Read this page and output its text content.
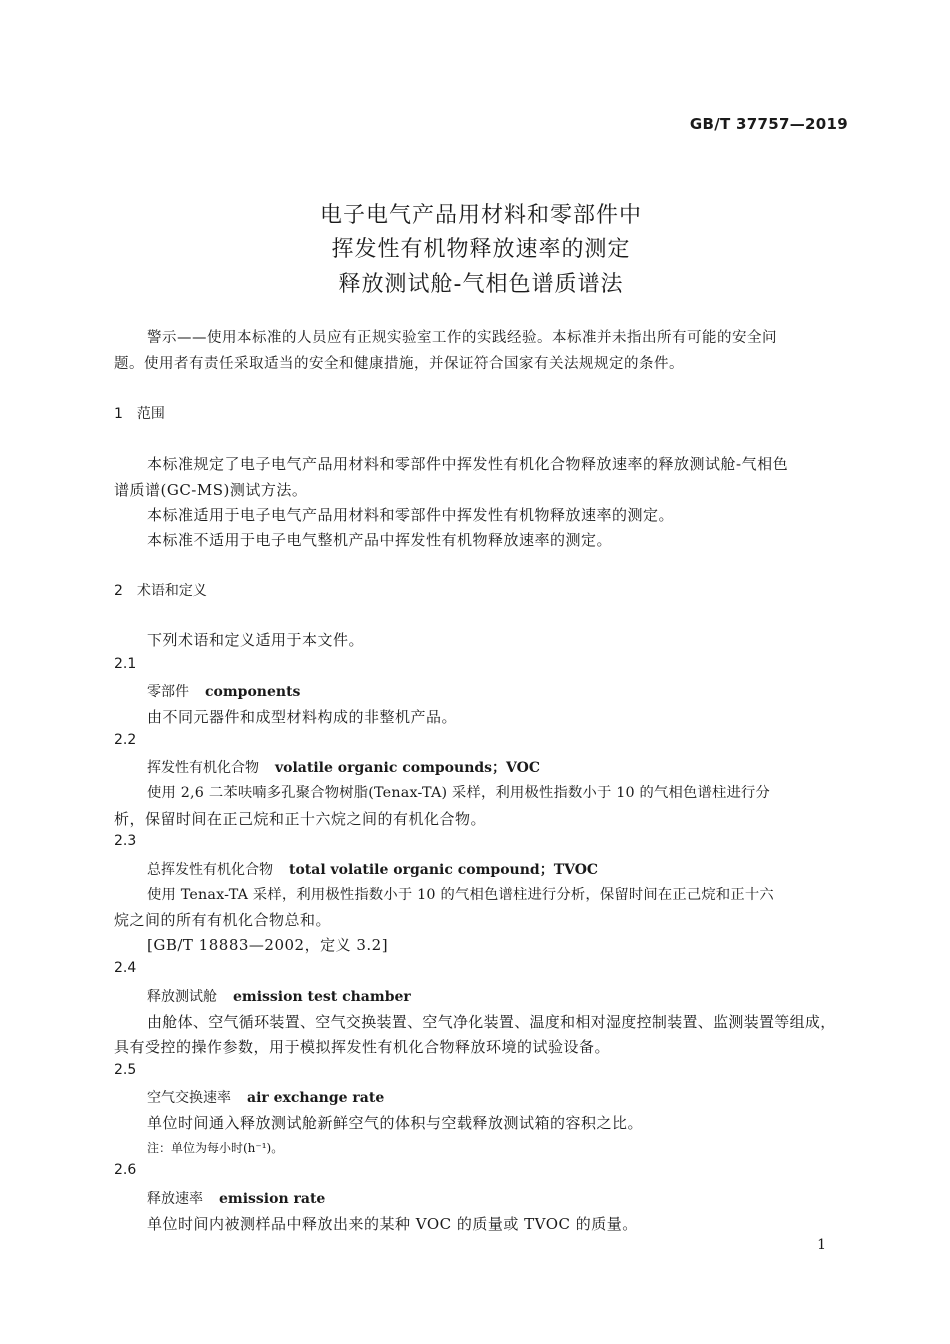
GB/T 37757—2019
电子电气产品用材料和零部件中
挥发性有机物释放速率的测定
释放测试舱-气相色谱质谱法
警示——使用本标准的人员应有正规实验室工作的实践经验。本标准并未指出所有可能的安全问
题。使用者有责任采取适当的安全和健康措施，并保证符合国家有关法规规定的条件。
1　范围
本标准规定了电子电气产品用材料和零部件中挥发性有机化合物释放速率的释放测试舱-气相色
谱质谱(GC-MS)测试方法。
本标准适用于电子电气产品用材料和零部件中挥发性有机物释放速率的测定。
本标准不适用于电子电气整机产品中挥发性有机物释放速率的测定。
2　术语和定义
下列术语和定义适用于本文件。
2.1
零部件 components
由不同元器件和成型材料构成的非整机产品。
2.2
挥发性有机化合物 volatile organic compounds；VOC
使用 2,6 二苯呋喃多孔聚合物树脂(Tenax-TA) 采样，利用极性指数小于 10 的气相色谱柱进行分
析，保留时间在正己烷和正十六烷之间的有机化合物。
2.3
总挥发性有机化合物 total volatile organic compound；TVOC
使用 Tenax-TA 采样，利用极性指数小于 10 的气相色谱柱进行分析，保留时间在正己烷和正十六
烷之间的所有有机化合物总和。
[GB/T 18883—2002，定义 3.2]
2.4
释放测试舱 emission test chamber
由舱体、空气循环装置、空气交换装置、空气净化装置、温度和相对湿度控制装置、监测装置等组成，
具有受控的操作参数，用于模拟挥发性有机化合物释放环境的试验设备。
2.5
空气交换速率 air exchange rate
单位时间通入释放测试舱新鲜空气的体积与空载释放测试箱的容积之比。
注：单位为每小时(h⁻¹)。
2.6
释放速率 emission rate
单位时间内被测样品中释放出来的某种 VOC 的质量或 TVOC 的质量。
1
